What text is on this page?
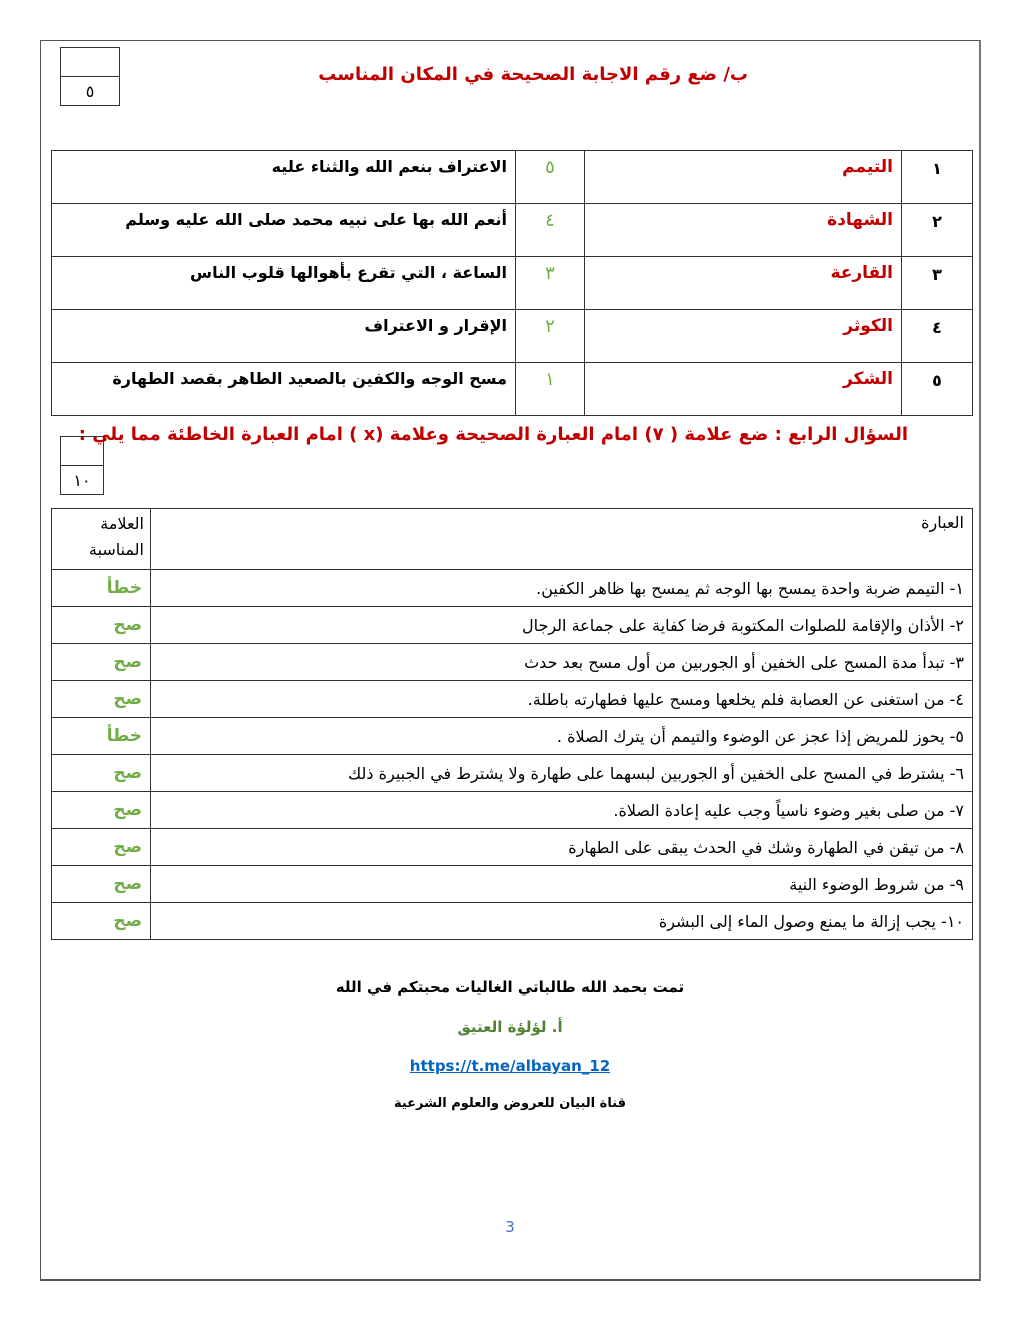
٥
ب/ ضع رقم الاجابة الصحيحة في المكان المناسب
١	التيمم	٥	الاعتراف بنعم الله والثناء عليه
٢	الشهادة	٤	أنعم الله بها على نبيه محمد صلى الله عليه وسلم
٣	القارعة	٣	الساعة ، التي تقرع بأهوالها قلوب الناس
٤	الكوثر	٢	الإقرار و الاعتراف
٥	الشكر	١	مسح الوجه والكفين بالصعيد الطاهر بقصد الطهارة
١٠
السؤال الرابع : ضع علامة ( ٧) امام العبارة الصحيحة وعلامة (x ) امام العبارة الخاطئة مما يلي :
العبارة	العلامة المناسبة
١- التيمم ضربة واحدة يمسح بها الوجه ثم يمسح بها ظاهر الكفين.	خطأ
٢- الأذان والإقامة للصلوات المكتوبة فرضا كفاية على جماعة الرجال	صح
٣- تبدأ مدة المسح على الخفين أو الجوربين من أول مسح بعد حدث	صح
٤- من استغنى عن العصابة فلم يخلعها ومسح عليها فطهارته باطلة.	صح
٥- يحوز للمريض إذا عجز عن الوضوء والتيمم أن يترك الصلاة .	خطأ
٦- يشترط في المسح على الخفين أو الجوربين لبسهما على طهارة ولا يشترط في الجبيرة ذلك	صح
٧- من صلى بغير وضوء ناسياً وجب عليه إعادة الصلاة.	صح
٨- من تيقن في الطهارة وشك في الحدث يبقى على الطهارة	صح
٩- من شروط الوضوء النية	صح
١٠- يجب إزالة ما يمنع وصول الماء إلى البشرة	صح
تمت بحمد الله طالباتي الغاليات محبتكم في الله
أ. لؤلؤة العتيق
https://t.me/albayan_12
قناة البيان للعروض والعلوم الشرعية
3
